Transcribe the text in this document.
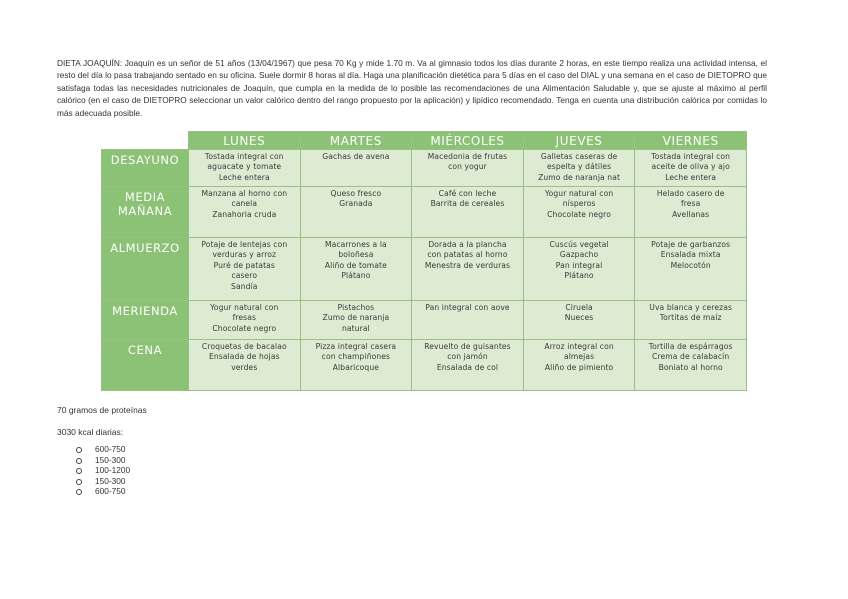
DIETA JOAQUÍN: Joaquín es un señor de 51 años (13/04/1967) que pesa 70 Kg y mide 1.70 m. Va al gimnasio todos los días durante 2 horas, en este tiempo realiza una actividad intensa, el resto del día lo pasa trabajando sentado en su oficina. Suele dormir 8 horas al día. Haga una planificación dietética para 5 días en el caso del DIAL y una semana en el caso de DIETOPRO que satisfaga todas las necesidades nutricionales de Joaquín, que cumpla en la medida de lo posible las recomendaciones de una Alimentación Saludable y, que se ajuste al máximo al perfil calórico (en el caso de DIETOPRO seleccionar un valor calórico dentro del rango propuesto por la aplicación) y lipídico recomendado. Tenga en cuenta una distribución calórica por comidas lo más adecuada posible.

	LUNES	MARTES	MIÉRCOLES	JUEVES	VIERNES

DESAYUNO	Tostada integral con
aguacate y tomate
Leche entera	Gachas de avena	Macedonia de frutas
con yogur	Galletas caseras de
espelta y dátiles
Zumo de naranja nat	Tostada integral con
aceite de oliva y ajo
Leche entera

MEDIA
MAÑANA	Manzana al horno con
canela
Zanahoria cruda	Queso fresco
Granada	Café con leche
Barrita de cereales	Yogur natural con
nísperos
Chocolate negro	Helado casero de
fresa
Avellanas

ALMUERZO	Potaje de lentejas con
verduras y arroz
Puré de patatas
casero
Sandía	Macarrones a la
boloñesa
Aliño de tomate
Plátano	Dorada a la plancha
con patatas al horno
Menestra de verduras	Cuscús vegetal
Gazpacho
Pan integral
Plátano	Potaje de garbanzos
Ensalada mixta
Melocotón

MERIENDA	Yogur natural con
fresas
Chocolate negro	Pistachos
Zumo de naranja
natural	Pan integral con aove	Ciruela
Nueces	Uva blanca y cerezas
Tortitas de maíz

CENA	Croquetas de bacalao
Ensalada de hojas
verdes	Pizza integral casera
con champiñones
Albaricoque	Revuelto de guisantes
con jamón
Ensalada de col	Arroz integral con
almejas
Aliño de pimiento	Tortilla de espárragos
Crema de calabacín
Boniato al horno

70 gramos de proteínas

3030 kcal diarias:

600-750
150-300
100-1200
150-300
600-750
